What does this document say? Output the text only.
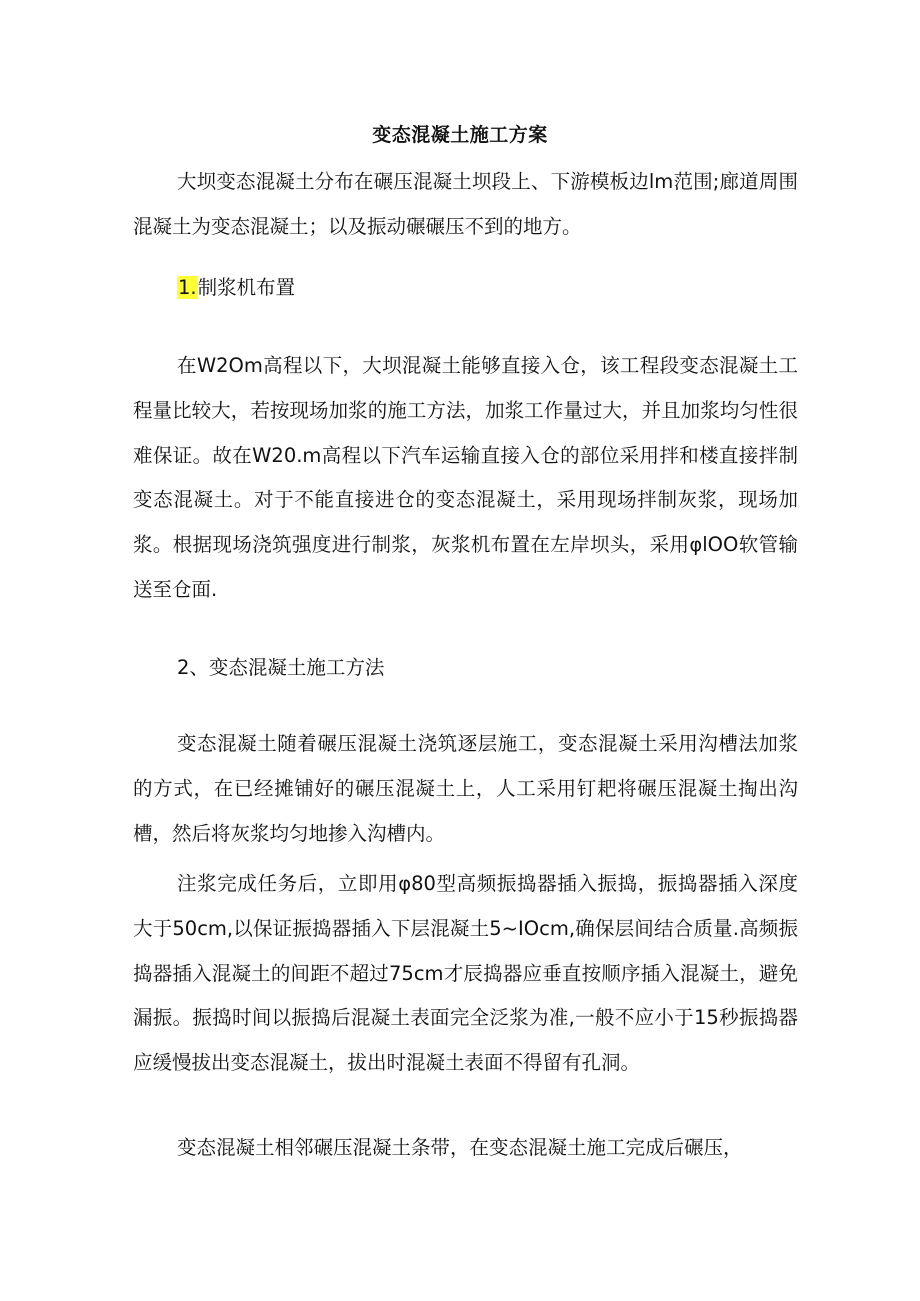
变态混凝土施工方案

大坝变态混凝土分布在碾压混凝土坝段上、下游模板边lm范围;廊道周围混凝土为变态混凝土；以及振动碾碾压不到的地方。

1.制浆机布置

在W2Om高程以下，大坝混凝土能够直接入仓，该工程段变态混凝土工程量比较大，若按现场加浆的施工方法，加浆工作量过大，并且加浆均匀性很难保证。故在W20.m高程以下汽车运输直接入仓的部位采用拌和楼直接拌制变态混凝土。对于不能直接进仓的变态混凝土，采用现场拌制灰浆，现场加浆。根据现场浇筑强度进行制浆，灰浆机布置在左岸坝头，采用φlOO软管输送至仓面.

2、变态混凝土施工方法

变态混凝土随着碾压混凝土浇筑逐层施工，变态混凝土采用沟槽法加浆的方式，在已经摊铺好的碾压混凝土上，人工采用钉耙将碾压混凝土掏出沟槽，然后将灰浆均匀地掺入沟槽内。

注浆完成任务后，立即用φ80型高频振捣器插入振捣，振捣器插入深度大于50cm,以保证振捣器插入下层混凝土5~IOcm,确保层间结合质量.高频振捣器插入混凝土的间距不超过75cm才辰捣器应垂直按顺序插入混凝土，避免漏振。振捣时间以振捣后混凝土表面完全泛浆为准,一般不应小于15秒振捣器应缓慢拔出变态混凝土，拔出时混凝土表面不得留有孔洞。

变态混凝土相邻碾压混凝土条带，在变态混凝土施工完成后碾压，
